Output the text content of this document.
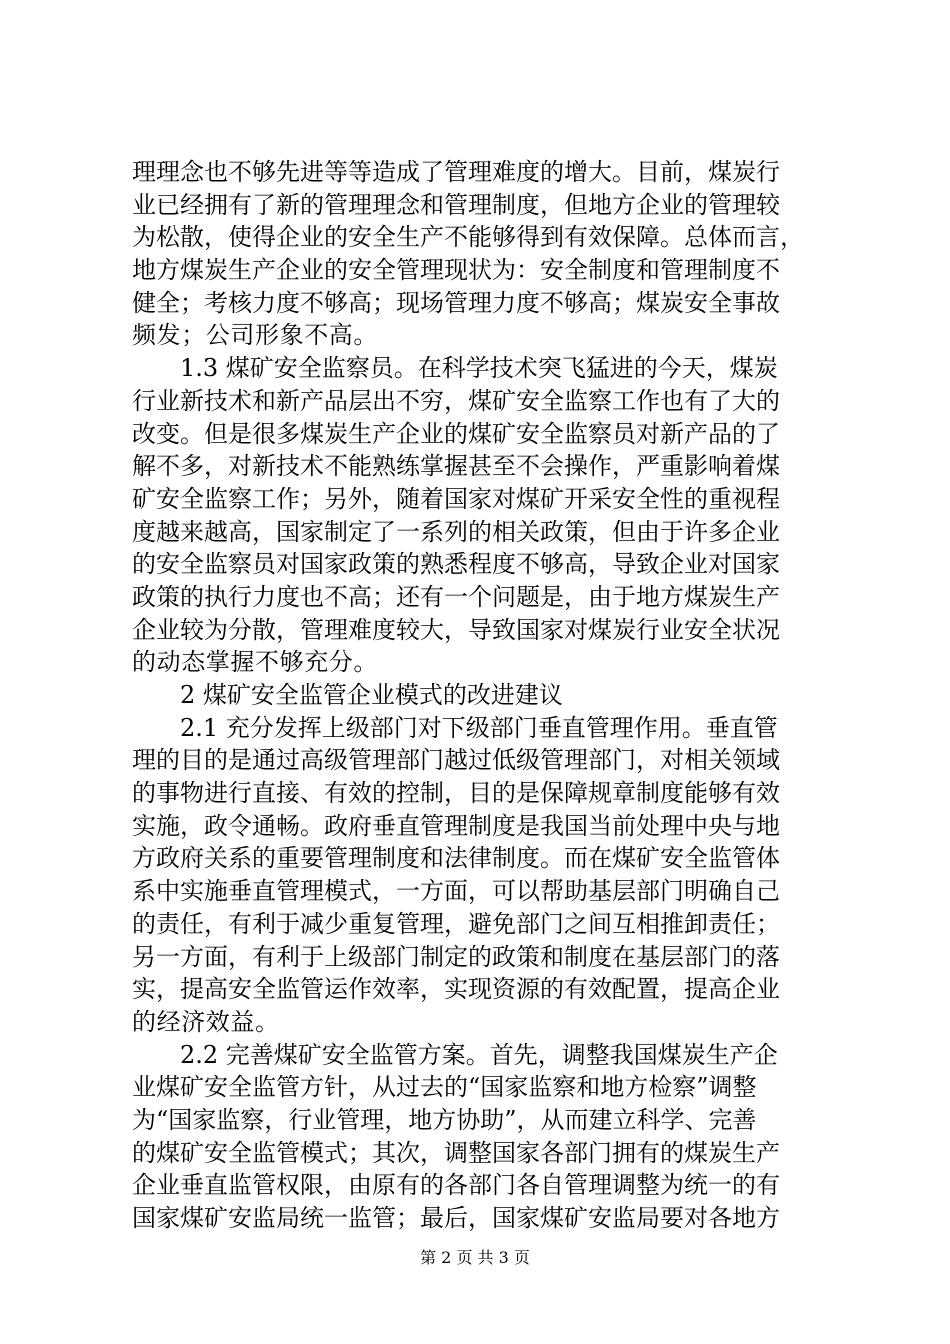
理理念也不够先进等等造成了管理难度的增大。目前，煤炭行
业已经拥有了新的管理理念和管理制度，但地方企业的管理较
为松散，使得企业的安全生产不能够得到有效保障。总体而言，
地方煤炭生产企业的安全管理现状为：安全制度和管理制度不
健全；考核力度不够高；现场管理力度不够高；煤炭安全事故
频发；公司形象不高。
1.3 煤矿安全监察员。在科学技术突飞猛进的今天，煤炭
行业新技术和新产品层出不穷，煤矿安全监察工作也有了大的
改变。但是很多煤炭生产企业的煤矿安全监察员对新产品的了
解不多，对新技术不能熟练掌握甚至不会操作，严重影响着煤
矿安全监察工作；另外，随着国家对煤矿开采安全性的重视程
度越来越高，国家制定了一系列的相关政策，但由于许多企业
的安全监察员对国家政策的熟悉程度不够高，导致企业对国家
政策的执行力度也不高；还有一个问题是，由于地方煤炭生产
企业较为分散，管理难度较大，导致国家对煤炭行业安全状况
的动态掌握不够充分。
2 煤矿安全监管企业模式的改进建议
2.1 充分发挥上级部门对下级部门垂直管理作用。垂直管
理的目的是通过高级管理部门越过低级管理部门，对相关领域
的事物进行直接、有效的控制，目的是保障规章制度能够有效
实施，政令通畅。政府垂直管理制度是我国当前处理中央与地
方政府关系的重要管理制度和法律制度。而在煤矿安全监管体
系中实施垂直管理模式，一方面，可以帮助基层部门明确自己
的责任，有利于减少重复管理，避免部门之间互相推卸责任；
另一方面，有利于上级部门制定的政策和制度在基层部门的落
实，提高安全监管运作效率，实现资源的有效配置，提高企业
的经济效益。
2.2 完善煤矿安全监管方案。首先，调整我国煤炭生产企
业煤矿安全监管方针，从过去的“国家监察和地方检察”调整
为“国家监察，行业管理，地方协助”，从而建立科学、完善
的煤矿安全监管模式；其次，调整国家各部门拥有的煤炭生产
企业垂直监管权限，由原有的各部门各自管理调整为统一的有
国家煤矿安监局统一监管；最后，国家煤矿安监局要对各地方
第 2 页 共 3 页
